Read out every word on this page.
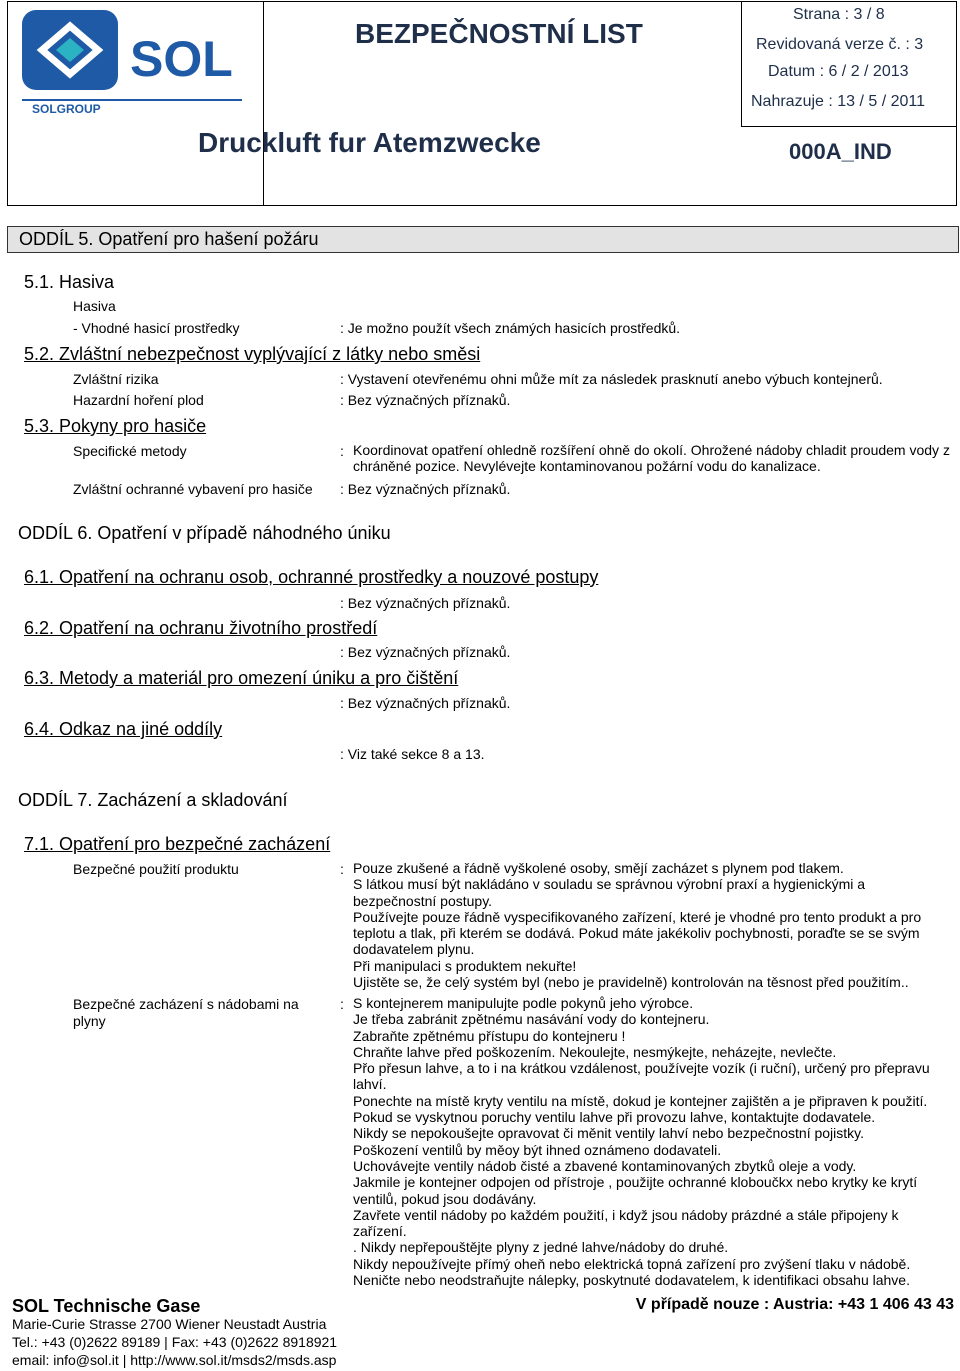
SOL
SOLGROUP
BEZPEČNOSTNÍ LIST
Druckluft fur Atemzwecke
Strana : 3 / 8
Revidovaná verze č. : 3
Datum : 6 / 2 / 2013
Nahrazuje : 13 / 5 / 2011
000A_IND
ODDÍL 5. Opatření pro hašení požáru
5.1. Hasiva
Hasiva
- Vhodné hasicí prostředky	: Je možno použít všech známých hasicích prostředků.
5.2. Zvláštní nebezpečnost vyplývající z látky nebo směsi
Zvláštní rizika	: Vystavení otevřenému ohni může mít za následek prasknutí anebo výbuch kontejnerů.
Hazardní hoření plod	: Bez význačných příznaků.
5.3. Pokyny pro hasiče
Specifické metody	: Koordinovat opatření ohledně rozšíření ohně do okolí. Ohrožené nádoby chladit proudem vody z chráněné pozice. Nevylévejte kontaminovanou požární vodu do kanalizace.
Zvláštní ochranné vybavení pro hasiče : Bez význačných příznaků.
ODDÍL 6. Opatření v případě náhodného úniku
6.1. Opatření na ochranu osob, ochranné prostředky a nouzové postupy
: Bez význačných příznaků.
6.2. Opatření na ochranu životního prostředí
: Bez význačných příznaků.
6.3. Metody a materiál pro omezení úniku a pro čištění
: Bez význačných příznaků.
6.4. Odkaz na jiné oddíly
: Viz také sekce 8 a 13.
ODDÍL 7. Zacházení a skladování
7.1. Opatření pro bezpečné zacházení
Bezpečné použití produktu	: Pouze zkušené a řádně vyškolené osoby, smějí zacházet s plynem pod tlakem.
S látkou musí být nakládáno v souladu se správnou výrobní praxí a hygienickými a
bezpečnostní postupy.
Používejte pouze řádně vyspecifikovaného zařízení, které je vhodné pro tento produkt a pro
teplotu a tlak, při kterém se dodává. Pokud máte jakékoliv pochybnosti, poraďte se se svým
dodavatelem plynu.
Při manipulaci s produktem nekuřte!
Ujistěte se, že celý systém byl (nebo je pravidelně) kontrolován na těsnost před použitím..
Bezpečné zacházení s nádobami na
plyny
: S kontejnerem manipulujte podle pokynů jeho výrobce.
Je třeba zabránit zpětnému nasávání vody do kontejneru.
Zabraňte zpětnému přístupu do kontejneru !
Chraňte lahve před poškozením. Nekoulejte, nesmýkejte, neházejte, nevlečte.
Přo přesun lahve, a to i na krátkou vzdálenost, používejte vozík (i ruční), určený pro přepravu
lahví.
Ponechte na místě kryty ventilu na místě, dokud je kontejner zajištěn a je připraven k použití.
Pokud se vyskytnou poruchy ventilu lahve při provozu lahve, kontaktujte dodavatele.
Nikdy se nepokoušejte opravovat či měnit ventily lahví nebo bezpečnostní pojistky.
Poškození ventilů by měoy být ihned oznámeno dodavateli.
Uchovávejte ventily nádob čisté a zbavené kontaminovaných zbytků oleje a vody.
Jakmile je kontejner odpojen od přístroje , použijte ochranné kloboučkx nebo krytky ke krytí
ventilů, pokud jsou dodávány.
Zavřete ventil nádoby po každém použití, i když jsou nádoby prázdné a stále připojeny k
zařízení.
. Nikdy nepřepouštějte plyny z jedné lahve/nádoby do druhé.
Nikdy nepoužívejte přímý oheň nebo elektrická topná zařízení pro zvýšení tlaku v nádobě.
Neničte nebo neodstraňujte nálepky, poskytnuté dodavatelem, k identifikaci obsahu lahve.
SOL Technische Gase
Marie-Curie Strasse 2700 Wiener Neustadt Austria
Tel.: +43 (0)2622 89189 | Fax: +43 (0)2622 8918921
email: info@sol.it | http://www.sol.it/msds2/msds.asp
V případě nouze : Austria: +43 1 406 43 43
